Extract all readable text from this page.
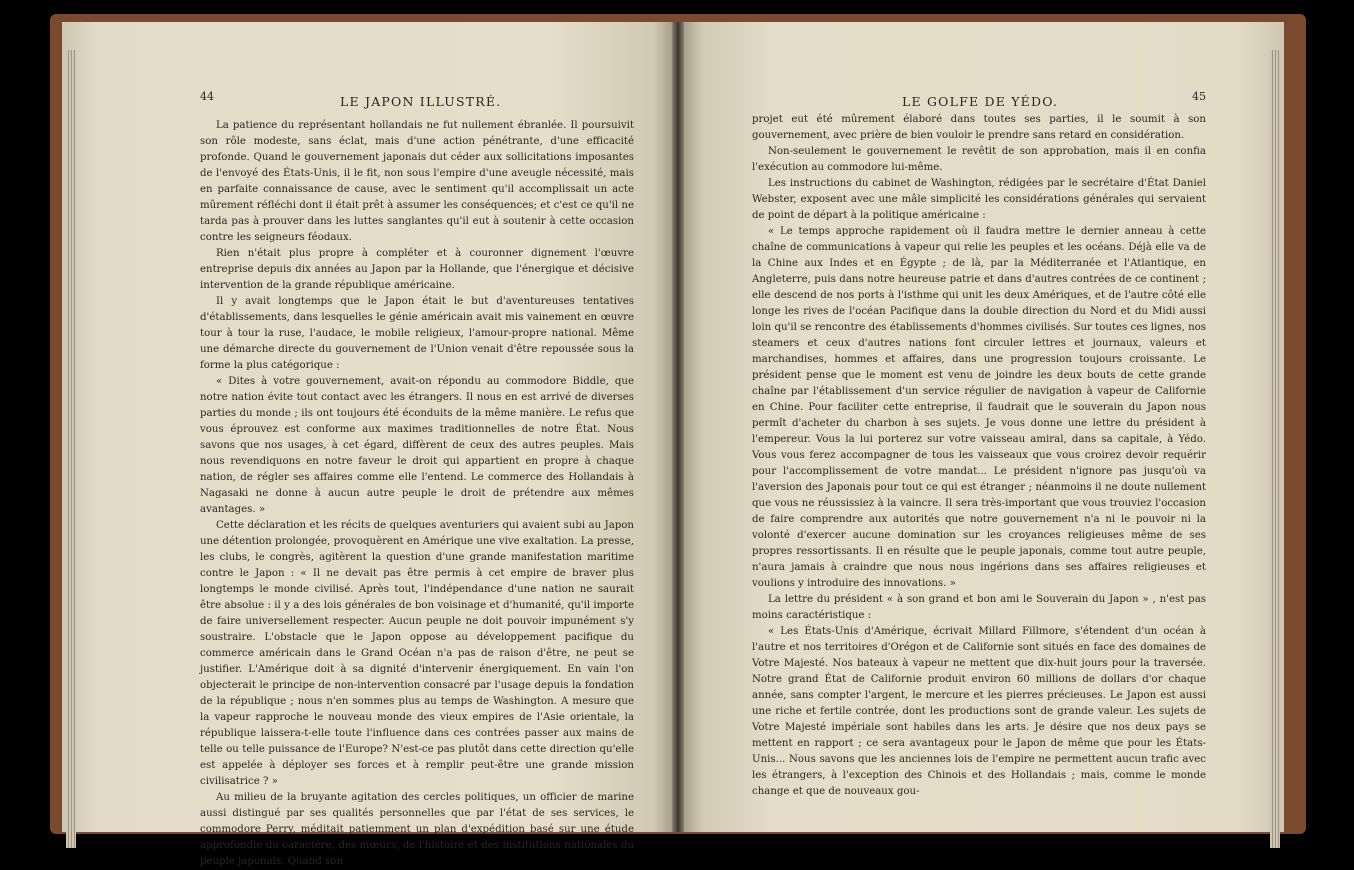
44	LE JAPON ILLUSTRÉ.

La patience du représentant hollandais ne fut nullement ébranlée. Il poursuivit son rôle modeste, sans éclat, mais d'une action pénétrante, d'une efficacité profonde. Quand le gouvernement japonais dut céder aux sollicitations imposantes de l'envoyé des États-Unis, il le fit, non sous l'empire d'une aveugle nécessité, mais en parfaite connaissance de cause, avec le sentiment qu'il accomplissait un acte mûrement réfléchi dont il était prêt à assumer les conséquences; et c'est ce qu'il ne tarda pas à prouver dans les luttes sanglantes qu'il eut à soutenir à cette occasion contre les seigneurs féodaux.

Rien n'était plus propre à compléter et à couronner dignement l'œuvre entreprise depuis dix années au Japon par la Hollande, que l'énergique et décisive intervention de la grande république américaine.

Il y avait longtemps que le Japon était le but d'aventureuses tentatives d'établissements, dans lesquelles le génie américain avait mis vainement en œuvre tour à tour la ruse, l'audace, le mobile religieux, l'amour-propre national. Même une démarche directe du gouvernement de l'Union venait d'être repoussée sous la forme la plus catégorique :

« Dites à votre gouvernement, avait-on répondu au commodore Biddle, que notre nation évite tout contact avec les étrangers. Il nous en est arrivé de diverses parties du monde ; ils ont toujours été éconduits de la même manière. Le refus que vous éprouvez est conforme aux maximes traditionnelles de notre État. Nous savons que nos usages, à cet égard, diffèrent de ceux des autres peuples. Mais nous revendiquons en notre faveur le droit qui appartient en propre à chaque nation, de régler ses affaires comme elle l'entend. Le commerce des Hollandais à Nagasaki ne donne à aucun autre peuple le droit de prétendre aux mêmes avantages. »

Cette déclaration et les récits de quelques aventuriers qui avaient subi au Japon une détention prolongée, provoquèrent en Amérique une vive exaltation. La presse, les clubs, le congrès, agitèrent la question d'une grande manifestation maritime contre le Japon : « Il ne devait pas être permis à cet empire de braver plus longtemps le monde civilisé. Après tout, l'indépendance d'une nation ne saurait être absolue : il y a des lois générales de bon voisinage et d'humanité, qu'il importe de faire universellement respecter. Aucun peuple ne doit pouvoir impunément s'y soustraire. L'obstacle que le Japon oppose au développement pacifique du commerce américain dans le Grand Océan n'a pas de raison d'être, ne peut se justifier. L'Amérique doit à sa dignité d'intervenir énergiquement. En vain l'on objecterait le principe de non-intervention consacré par l'usage depuis la fondation de la république ; nous n'en sommes plus au temps de Washington. A mesure que la vapeur rapproche le nouveau monde des vieux empires de l'Asie orientale, la république laissera-t-elle toute l'influence dans ces contrées passer aux mains de telle ou telle puissance de l'Europe? N'est-ce pas plutôt dans cette direction qu'elle est appelée à déployer ses forces et à remplir peut-être une grande mission civilisatrice ? »

Au milieu de la bruyante agitation des cercles politiques, un officier de marine aussi distingué par ses qualités personnelles que par l'état de ses services, le commodore Perry, méditait patiemment un plan d'expédition basé sur une étude approfondie du caractère, des mœurs, de l'histoire et des institutions nationales du peuple japonais. Quand son

LE GOLFE DE YÉDO.	45

projet eut été mûrement élaboré dans toutes ses parties, il le soumit à son gouvernement, avec prière de bien vouloir le prendre sans retard en considération.

Non-seulement le gouvernement le revêtit de son approbation, mais il en confia l'exécution au commodore lui-même.

Les instructions du cabinet de Washington, rédigées par le secrétaire d'État Daniel Webster, exposent avec une mâle simplicité les considérations générales qui servaient de point de départ à la politique américaine :

« Le temps approche rapidement où il faudra mettre le dernier anneau à cette chaîne de communications à vapeur qui relie les peuples et les océans. Déjà elle va de la Chine aux Indes et en Égypte ; de là, par la Méditerranée et l'Atlantique, en Angleterre, puis dans notre heureuse patrie et dans d'autres contrées de ce continent ; elle descend de nos ports à l'isthme qui unit les deux Amériques, et de l'autre côté elle longe les rives de l'océan Pacifique dans la double direction du Nord et du Midi aussi loin qu'il se rencontre des établissements d'hommes civilisés. Sur toutes ces lignes, nos steamers et ceux d'autres nations font circuler lettres et journaux, valeurs et marchandises, hommes et affaires, dans une progression toujours croissante. Le président pense que le moment est venu de joindre les deux bouts de cette grande chaîne par l'établissement d'un service régulier de navigation à vapeur de Californie en Chine. Pour faciliter cette entreprise, il faudrait que le souverain du Japon nous permît d'acheter du charbon à ses sujets. Je vous donne une lettre du président à l'empereur. Vous la lui porterez sur votre vaisseau amiral, dans sa capitale, à Yédo. Vous vous ferez accompagner de tous les vaisseaux que vous croirez devoir requérir pour l'accomplissement de votre mandat... Le président n'ignore pas jusqu'où va l'aversion des Japonais pour tout ce qui est étranger ; néanmoins il ne doute nullement que vous ne réussissiez à la vaincre. Il sera très-important que vous trouviez l'occasion de faire comprendre aux autorités que notre gouvernement n'a ni le pouvoir ni la volonté d'exercer aucune domination sur les croyances religieuses même de ses propres ressortissants. Il en résulte que le peuple japonais, comme tout autre peuple, n'aura jamais à craindre que nous nous ingérions dans ses affaires religieuses et voulions y introduire des innovations. »

La lettre du président « à son grand et bon ami le Souverain du Japon » , n'est pas moins caractéristique :

« Les États-Unis d'Amérique, écrivait Millard Fillmore, s'étendent d'un océan à l'autre et nos territoires d'Orégon et de Californie sont situés en face des domaines de Votre Majesté. Nos bateaux à vapeur ne mettent que dix-huit jours pour la traversée. Notre grand État de Californie produit environ 60 millions de dollars d'or chaque année, sans compter l'argent, le mercure et les pierres précieuses. Le Japon est aussi une riche et fertile contrée, dont les productions sont de grande valeur. Les sujets de Votre Majesté impériale sont habiles dans les arts. Je désire que nos deux pays se mettent en rapport ; ce sera avantageux pour le Japon de même que pour les États-Unis... Nous savons que les anciennes lois de l'empire ne permettent aucun trafic avec les étrangers, à l'exception des Chinois et des Hollandais ; mais, comme le monde change et que de nouveaux gou-
